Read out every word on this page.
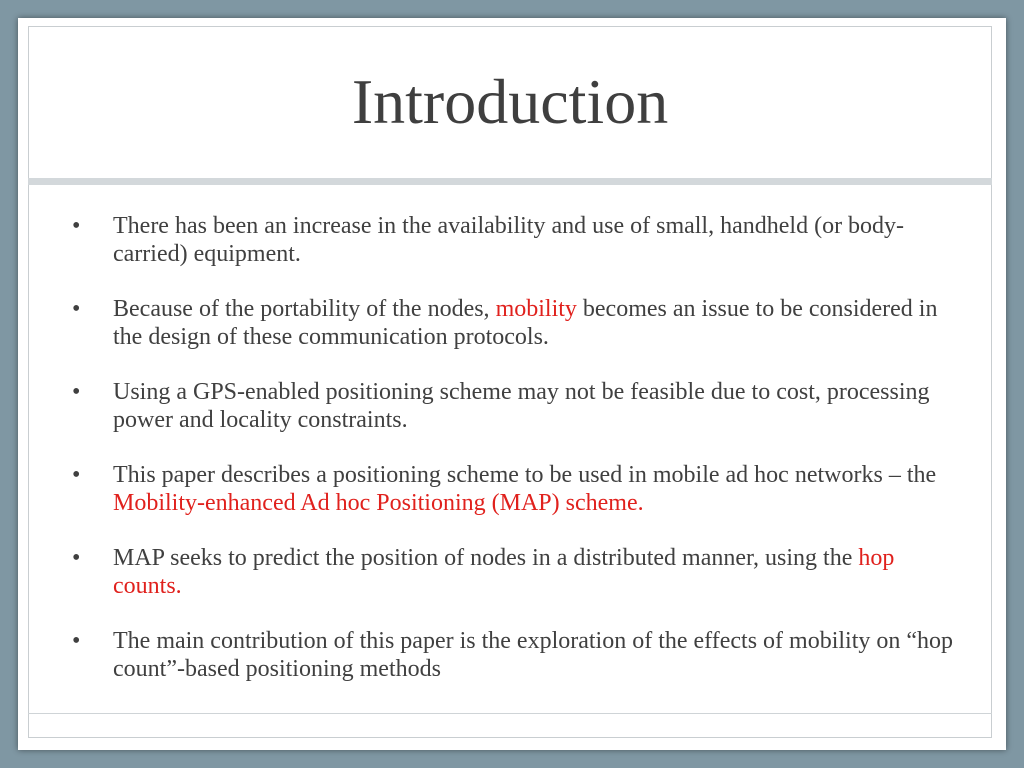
Introduction
•	There has been an increase in the availability and use of small, handheld (or body-carried) equipment.
•	Because of the portability of the nodes, mobility becomes an issue to be considered in the design of these communication protocols.
•	Using a GPS-enabled positioning scheme may not be feasible due to cost, processing power and locality constraints.
•	This paper describes a positioning scheme to be used in mobile ad hoc networks – the Mobility-enhanced Ad hoc Positioning (MAP) scheme.
•	MAP seeks to predict the position of nodes in a distributed manner, using the hop counts.
•	The main contribution of this paper is the exploration of the effects of mobility on “hop count”-based positioning methods
